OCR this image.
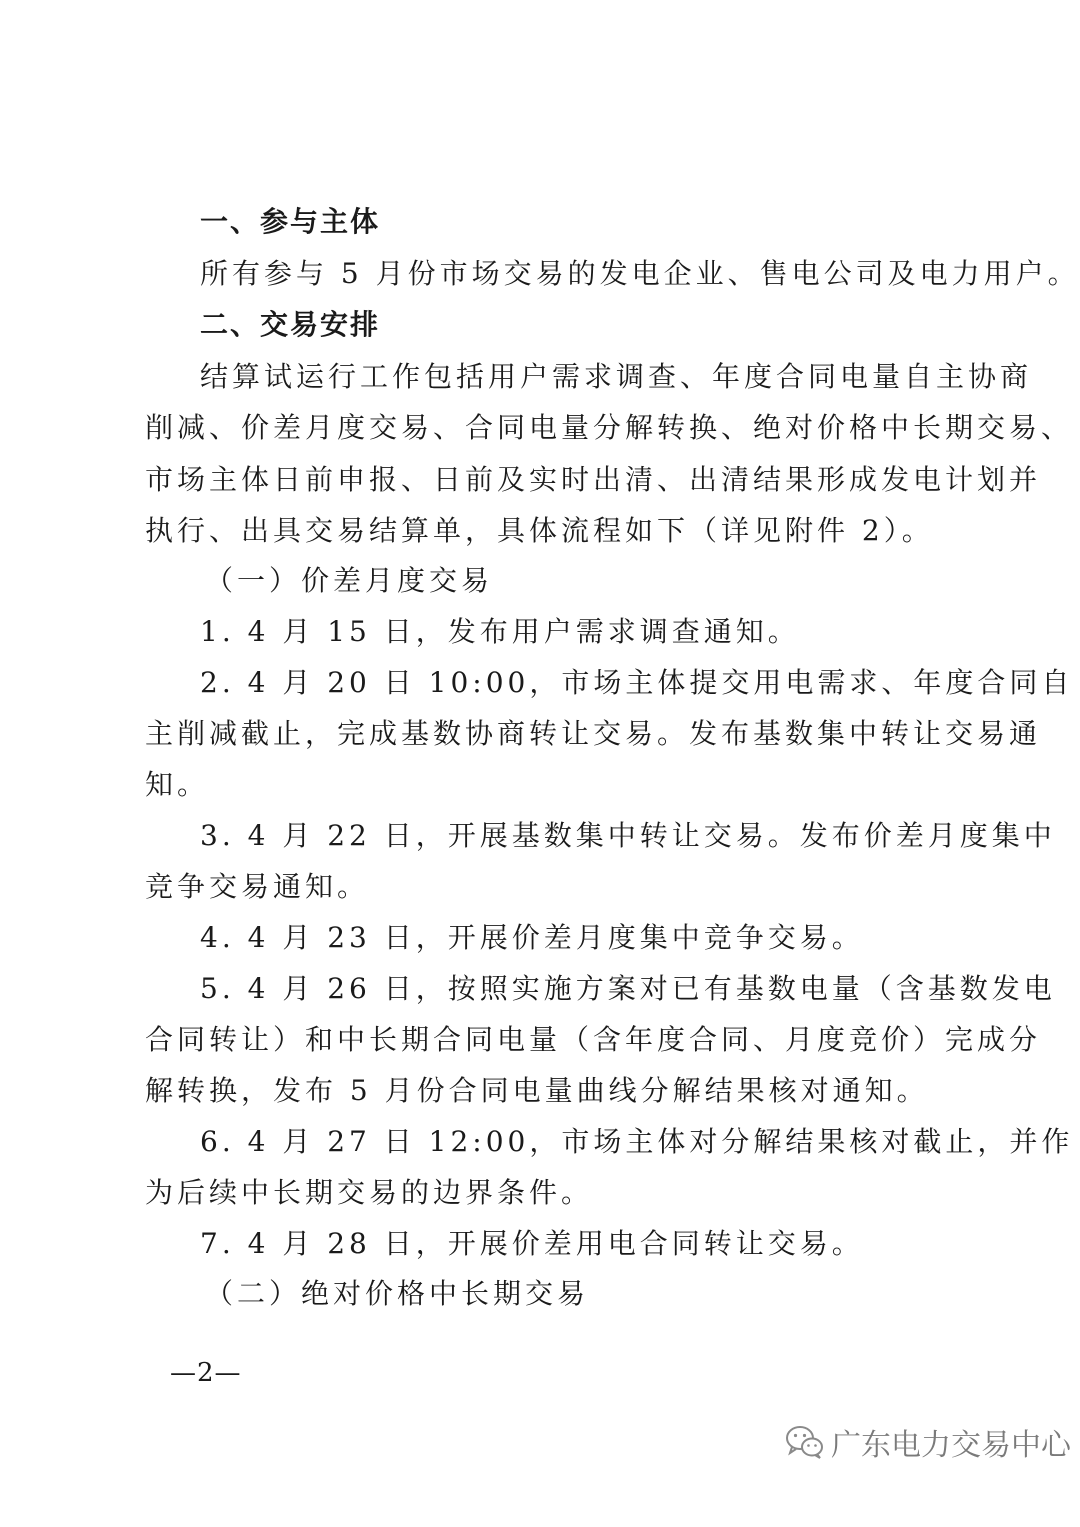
一、参与主体
所有参与 5 月份市场交易的发电企业、售电公司及电力用户。
二、交易安排
结算试运行工作包括用户需求调查、年度合同电量自主协商
削减、价差月度交易、合同电量分解转换、绝对价格中长期交易、
市场主体日前申报、日前及实时出清、出清结果形成发电计划并
执行、出具交易结算单，具体流程如下（详见附件 2）。
（一）价差月度交易
1. 4 月 15 日，发布用户需求调查通知。
2. 4 月 20 日 10:00，市场主体提交用电需求、年度合同自
主削减截止，完成基数协商转让交易。发布基数集中转让交易通
知。
3. 4 月 22 日，开展基数集中转让交易。发布价差月度集中
竞争交易通知。
4. 4 月 23 日，开展价差月度集中竞争交易。
5. 4 月 26 日，按照实施方案对已有基数电量（含基数发电
合同转让）和中长期合同电量（含年度合同、月度竞价）完成分
解转换，发布 5 月份合同电量曲线分解结果核对通知。
6. 4 月 27 日 12:00，市场主体对分解结果核对截止，并作
为后续中长期交易的边界条件。
7. 4 月 28 日，开展价差用电合同转让交易。
（二）绝对价格中长期交易
—2—
广东电力交易中心
